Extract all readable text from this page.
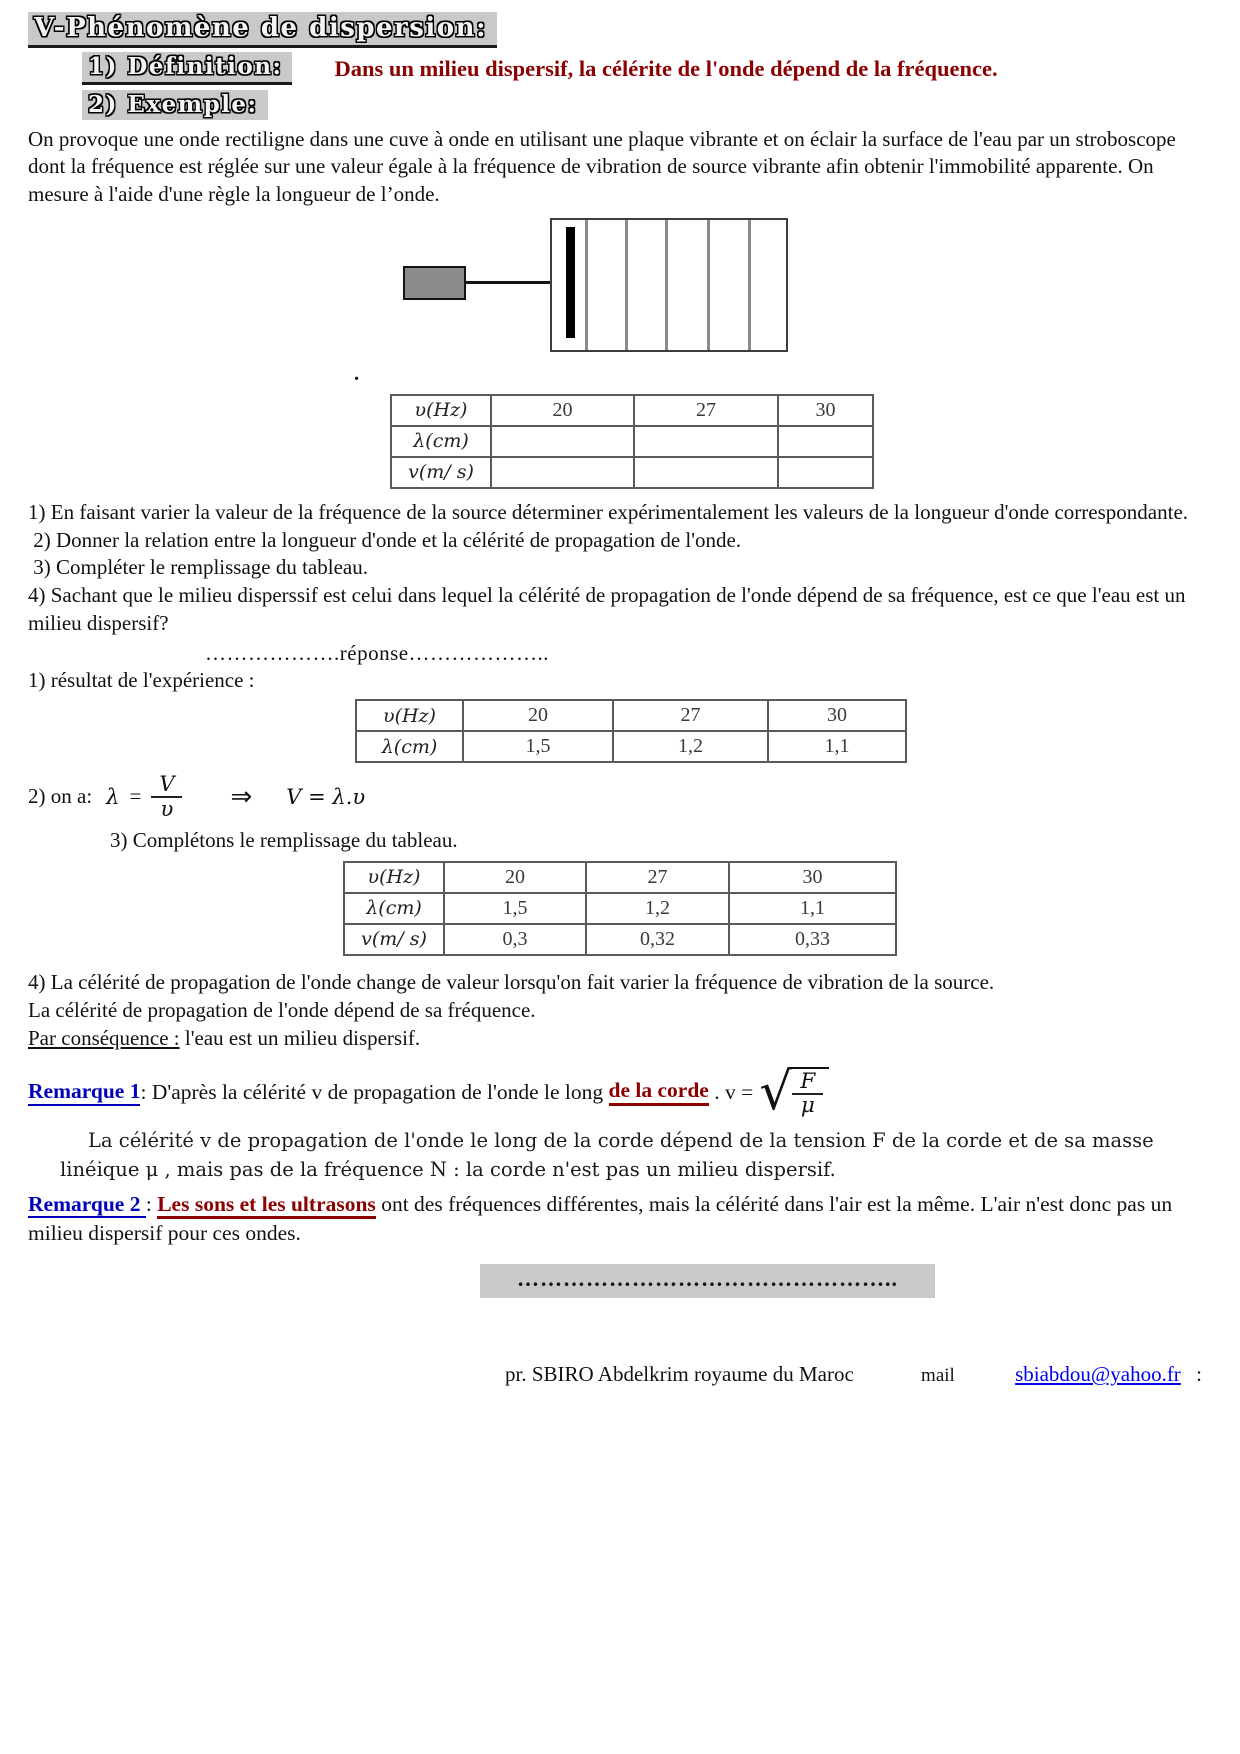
V-Phénomène de dispersion:
1) Définition:	Dans un milieu dispersif, la célérite de l'onde dépend de la fréquence.
2) Exemple:

On provoque une onde rectiligne dans une cuve à onde en utilisant une plaque vibrante et on éclair la surface de l'eau par un stroboscope dont la fréquence est réglée sur une valeur égale à la fréquence de vibration de source vibrante afin obtenir l'immobilité apparente. On mesure à l'aide d'une règle la longueur de l’onde.

.
υ(Hz)	20	27	30
λ(cm)			
v(m/ s)			

1) En faisant varier la valeur de la fréquence de la source déterminer expérimentalement les valeurs de la longueur d'onde correspondante.

2) Donner la relation entre la longueur d'onde et la célérité de propagation de l'onde.

3) Compléter le remplissage du tableau.

4) Sachant que le milieu disperssif est celui dans lequel la célérité de propagation de l'onde dépend de sa fréquence, est ce que l'eau est un milieu dispersif?

……………….réponse………………..

1) résultat de l'expérience :

υ(Hz)	20	27	30
λ(cm)	1,5	1,2	1,1
2) on a: $\lambda = \frac{V}{\upsilon}$ ⇒ V = λ.υ

3) Complétons le remplissage du tableau.

υ(Hz)	20	27	30
λ(cm)	1,5	1,2	1,1
v(m/ s)	0,3	0,32	0,33

4) La célérité de propagation de l'onde change de valeur lorsqu'on fait varier la fréquence de vibration de la source.

La célérité de propagation de l'onde dépend de sa fréquence.

Par conséquence : l'eau est un milieu dispersif.

Remarque 1 : D'après la célérité v de propagation de l'onde le long de la corde . v = √
$\frac{F}{\mu}$
La célérité v de propagation de l'onde le long de la corde dépend de la tension F de la corde et de sa masse
linéique μ , mais pas de la fréquence N : la corde n'est pas un milieu dispersif.

Remarque 2 : Les sons et les ultrasons ont des fréquences différentes, mais la célérité dans l'air est la même. L'air n'est donc pas un milieu dispersif pour ces ondes.

…………………………………………..
pr. SBIRO Abdelkrim royaume du Maroc	mail	sbiabdou@yahoo.fr :
